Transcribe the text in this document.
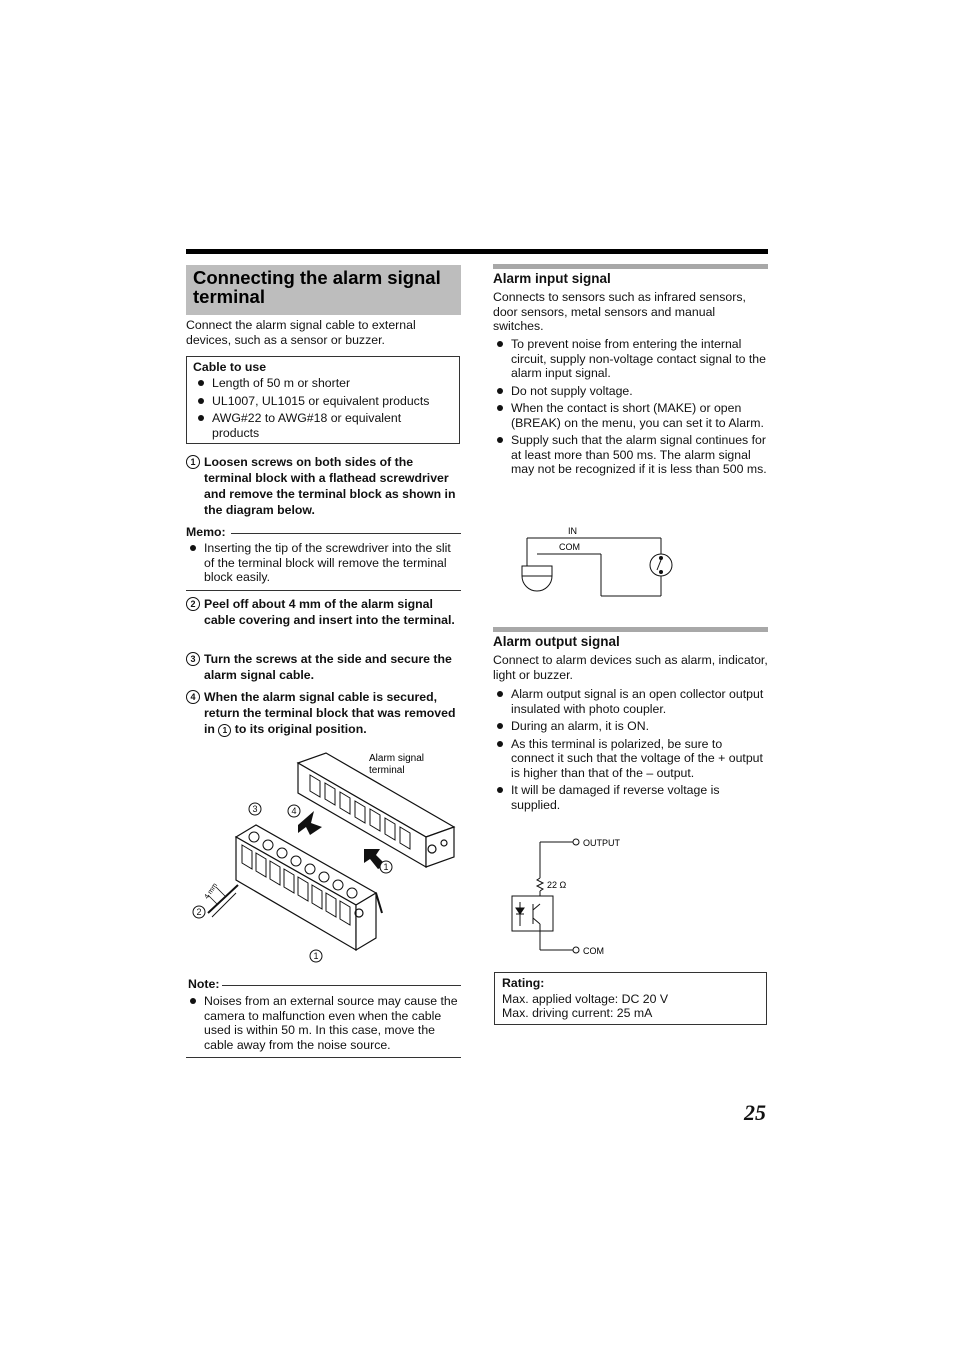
Connecting the alarm signal terminal
Connect the alarm signal cable to external devices, such as a sensor or buzzer.
Cable to use
Length of 50 m or shorter
UL1007, UL1015 or equivalent products
AWG#22 to AWG#18 or equivalent products
1 Loosen screws on both sides of the terminal block with a flathead screwdriver and remove the terminal block as shown in the diagram below.
Memo:
Inserting the tip of the screwdriver into the slit of the terminal block will remove the terminal block easily.
2 Peel off about 4 mm of the alarm signal cable covering and insert into the terminal.
3 Turn the screws at the side and secure the alarm signal cable.
4 When the alarm signal cable is secured, return the terminal block that was removed in 1 to its original position.
3	4
1
2
1
Alarm signal
terminal
4 mm
Note:
Noises from an external source may cause the camera to malfunction even when the cable used is within 50 m. In this case, move the cable away from the noise source.
Alarm input signal
Connects to sensors such as infrared sensors, door sensors, metal sensors and manual switches.
To prevent noise from entering the internal circuit, supply non-voltage contact signal to the alarm input signal.
Do not supply voltage.
When the contact is short (MAKE) or open (BREAK) on the menu, you can set it to Alarm.
Supply such that the alarm signal continues for at least more than 500 ms. The alarm signal may not be recognized if it is less than 500 ms.
IN
COM
Alarm output signal
Connect to alarm devices such as alarm, indicator, light or buzzer.
Alarm output signal is an open collector output insulated with photo coupler.
During an alarm, it is ON.
As this terminal is polarized, be sure to connect it such that the voltage of the + output is higher than that of the – output.
It will be damaged if reverse voltage is supplied.
OUTPUT
22 Ω
COM
Rating:
Max. applied voltage: DC 20 V
Max. driving current: 25 mA
25
